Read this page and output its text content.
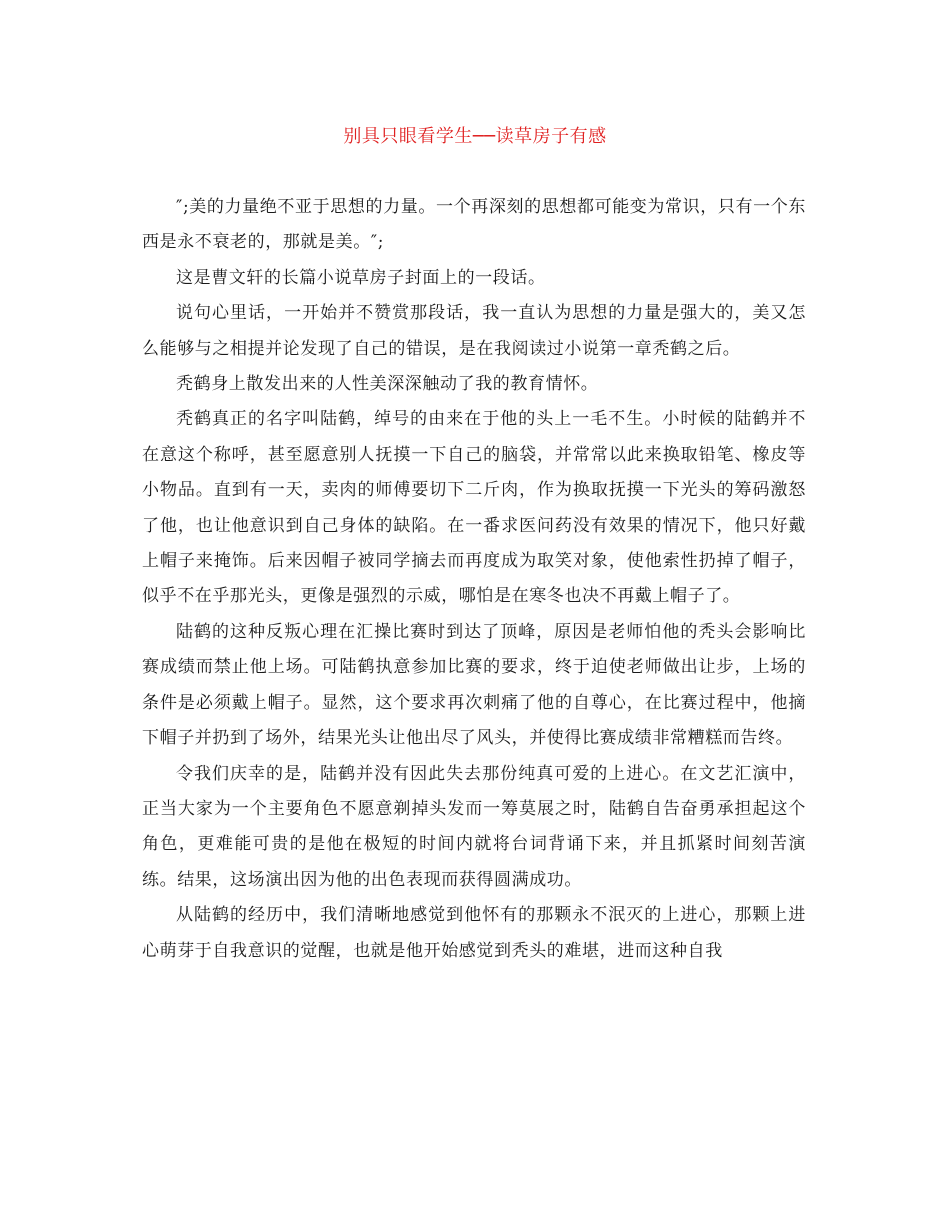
别具只眼看学生──读草房子有感

″;美的力量绝不亚于思想的力量。一个再深刻的思想都可能变为常识，只有一个东西是永不衰老的，那就是美。″;

这是曹文轩的长篇小说草房子封面上的一段话。

说句心里话，一开始并不赞赏那段话，我一直认为思想的力量是强大的，美又怎么能够与之相提并论发现了自己的错误，是在我阅读过小说第一章秃鹤之后。

秃鹤身上散发出来的人性美深深触动了我的教育情怀。

秃鹤真正的名字叫陆鹤，绰号的由来在于他的头上一毛不生。小时候的陆鹤并不在意这个称呼，甚至愿意别人抚摸一下自己的脑袋，并常常以此来换取铅笔、橡皮等小物品。直到有一天，卖肉的师傅要切下二斤肉，作为换取抚摸一下光头的筹码激怒了他，也让他意识到自己身体的缺陷。在一番求医问药没有效果的情况下，他只好戴上帽子来掩饰。后来因帽子被同学摘去而再度成为取笑对象，使他索性扔掉了帽子，似乎不在乎那光头，更像是强烈的示威，哪怕是在寒冬也决不再戴上帽子了。

陆鹤的这种反叛心理在汇操比赛时到达了顶峰，原因是老师怕他的秃头会影响比赛成绩而禁止他上场。可陆鹤执意参加比赛的要求，终于迫使老师做出让步，上场的条件是必须戴上帽子。显然，这个要求再次刺痛了他的自尊心，在比赛过程中，他摘下帽子并扔到了场外，结果光头让他出尽了风头，并使得比赛成绩非常糟糕而告终。

令我们庆幸的是，陆鹤并没有因此失去那份纯真可爱的上进心。在文艺汇演中，正当大家为一个主要角色不愿意剃掉头发而一筹莫展之时，陆鹤自告奋勇承担起这个角色，更难能可贵的是他在极短的时间内就将台词背诵下来，并且抓紧时间刻苦演练。结果，这场演出因为他的出色表现而获得圆满成功。

从陆鹤的经历中，我们清晰地感觉到他怀有的那颗永不泯灭的上进心，那颗上进心萌芽于自我意识的觉醒，也就是他开始感觉到秃头的难堪，进而这种自我
